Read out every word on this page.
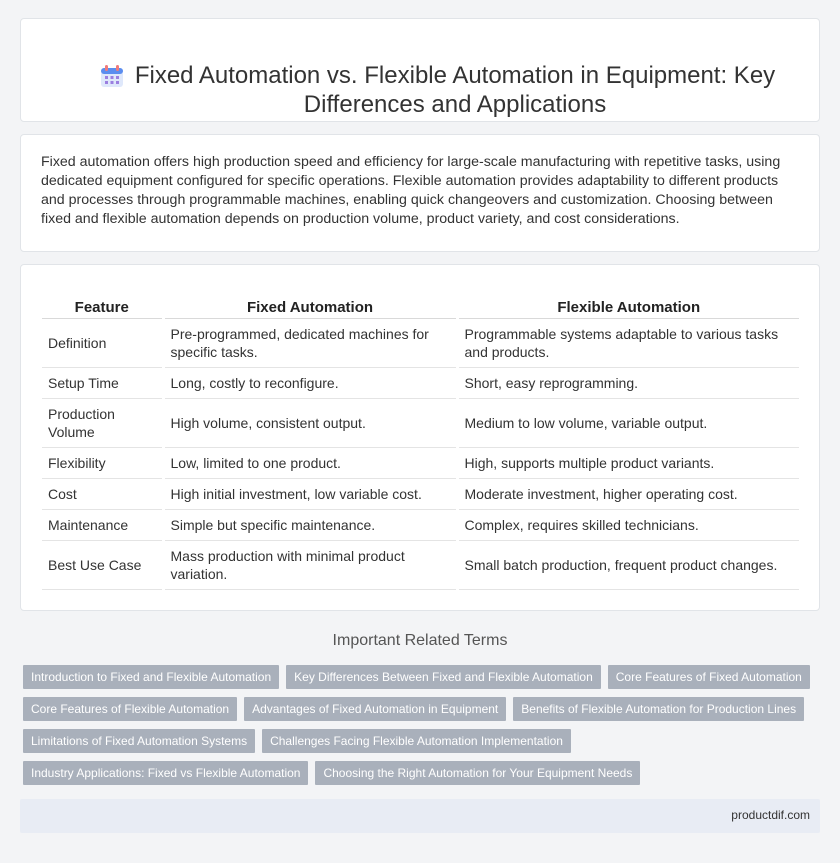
Fixed Automation vs. Flexible Automation in Equipment: Key Differences and Applications

Fixed automation offers high production speed and efficiency for large-scale manufacturing with repetitive tasks, using dedicated equipment configured for specific operations. Flexible automation provides adaptability to different products and processes through programmable machines, enabling quick changeovers and customization. Choosing between fixed and flexible automation depends on production volume, product variety, and cost considerations.

Feature	Fixed Automation	Flexible Automation
Definition	Pre-programmed, dedicated machines for specific tasks.	Programmable systems adaptable to various tasks and products.
Setup Time	Long, costly to reconfigure.	Short, easy reprogramming.
Production Volume	High volume, consistent output.	Medium to low volume, variable output.
Flexibility	Low, limited to one product.	High, supports multiple product variants.
Cost	High initial investment, low variable cost.	Moderate investment, higher operating cost.
Maintenance	Simple but specific maintenance.	Complex, requires skilled technicians.
Best Use Case	Mass production with minimal product variation.	Small batch production, frequent product changes.
Important Related Terms
Introduction to Fixed and Flexible Automation	Key Differences Between Fixed and Flexible Automation	Core Features of Fixed Automation
Core Features of Flexible Automation	Advantages of Fixed Automation in Equipment	Benefits of Flexible Automation for Production Lines
Limitations of Fixed Automation Systems	Challenges Facing Flexible Automation Implementation
Industry Applications: Fixed vs Flexible Automation	Choosing the Right Automation for Your Equipment Needs
productdif.com
